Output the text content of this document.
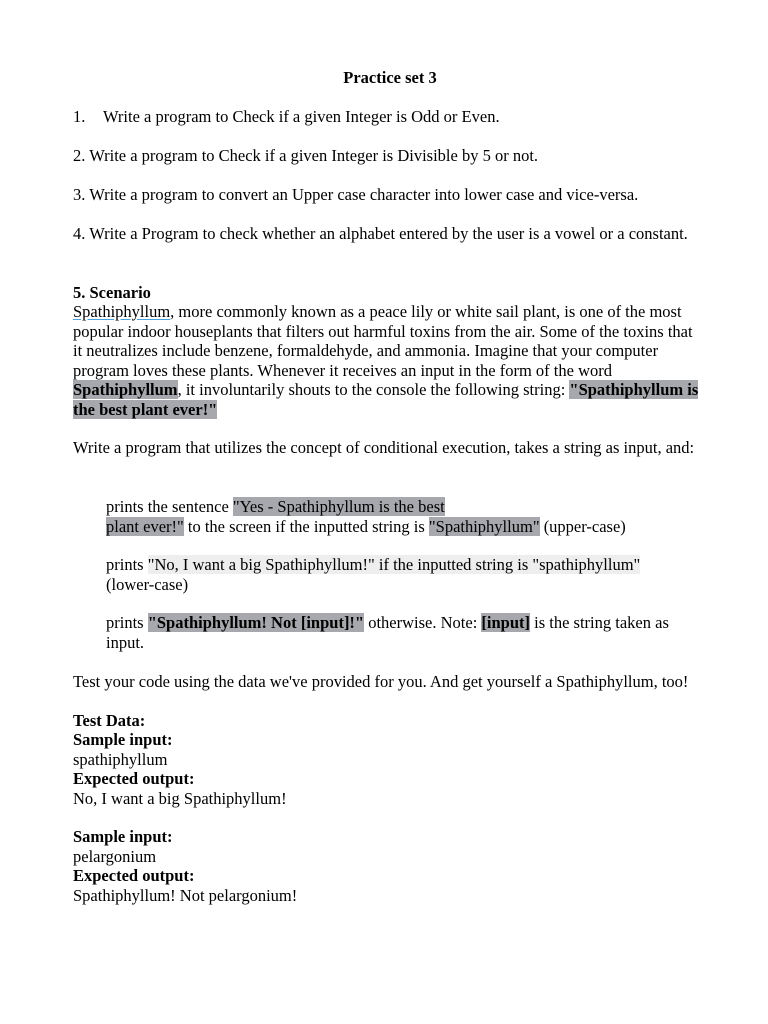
Practice set 3
1. Write a program to Check if a given Integer is Odd or Even.
2. Write a program to Check if a given Integer is Divisible by 5 or not.
3. Write a program to convert an Upper case character into lower case and vice-versa.
4. Write a Program to check whether an alphabet entered by the user is a vowel or a constant.
5. Scenario
Spathiphyllum, more commonly known as a peace lily or white sail plant, is one of the most popular indoor houseplants that filters out harmful toxins from the air. Some of the toxins that it neutralizes include benzene, formaldehyde, and ammonia. Imagine that your computer program loves these plants. Whenever it receives an input in the form of the word Spathiphyllum, it involuntarily shouts to the console the following string: "Spathiphyllum is the best plant ever!"
Write a program that utilizes the concept of conditional execution, takes a string as input, and:
prints the sentence "Yes - Spathiphyllum is the best
plant ever!" to the screen if the inputted string is "Spathiphyllum" (upper-case)
prints "No, I want a big Spathiphyllum!" if the inputted string is "spathiphyllum"
(lower-case)
prints "Spathiphyllum! Not [input]!" otherwise. Note: [input] is the string taken as input.
Test your code using the data we've provided for you. And get yourself a Spathiphyllum, too!
Test Data:
Sample input:
spathiphyllum
Expected output:
No, I want a big Spathiphyllum!
Sample input:
pelargonium
Expected output:
Spathiphyllum! Not pelargonium!
